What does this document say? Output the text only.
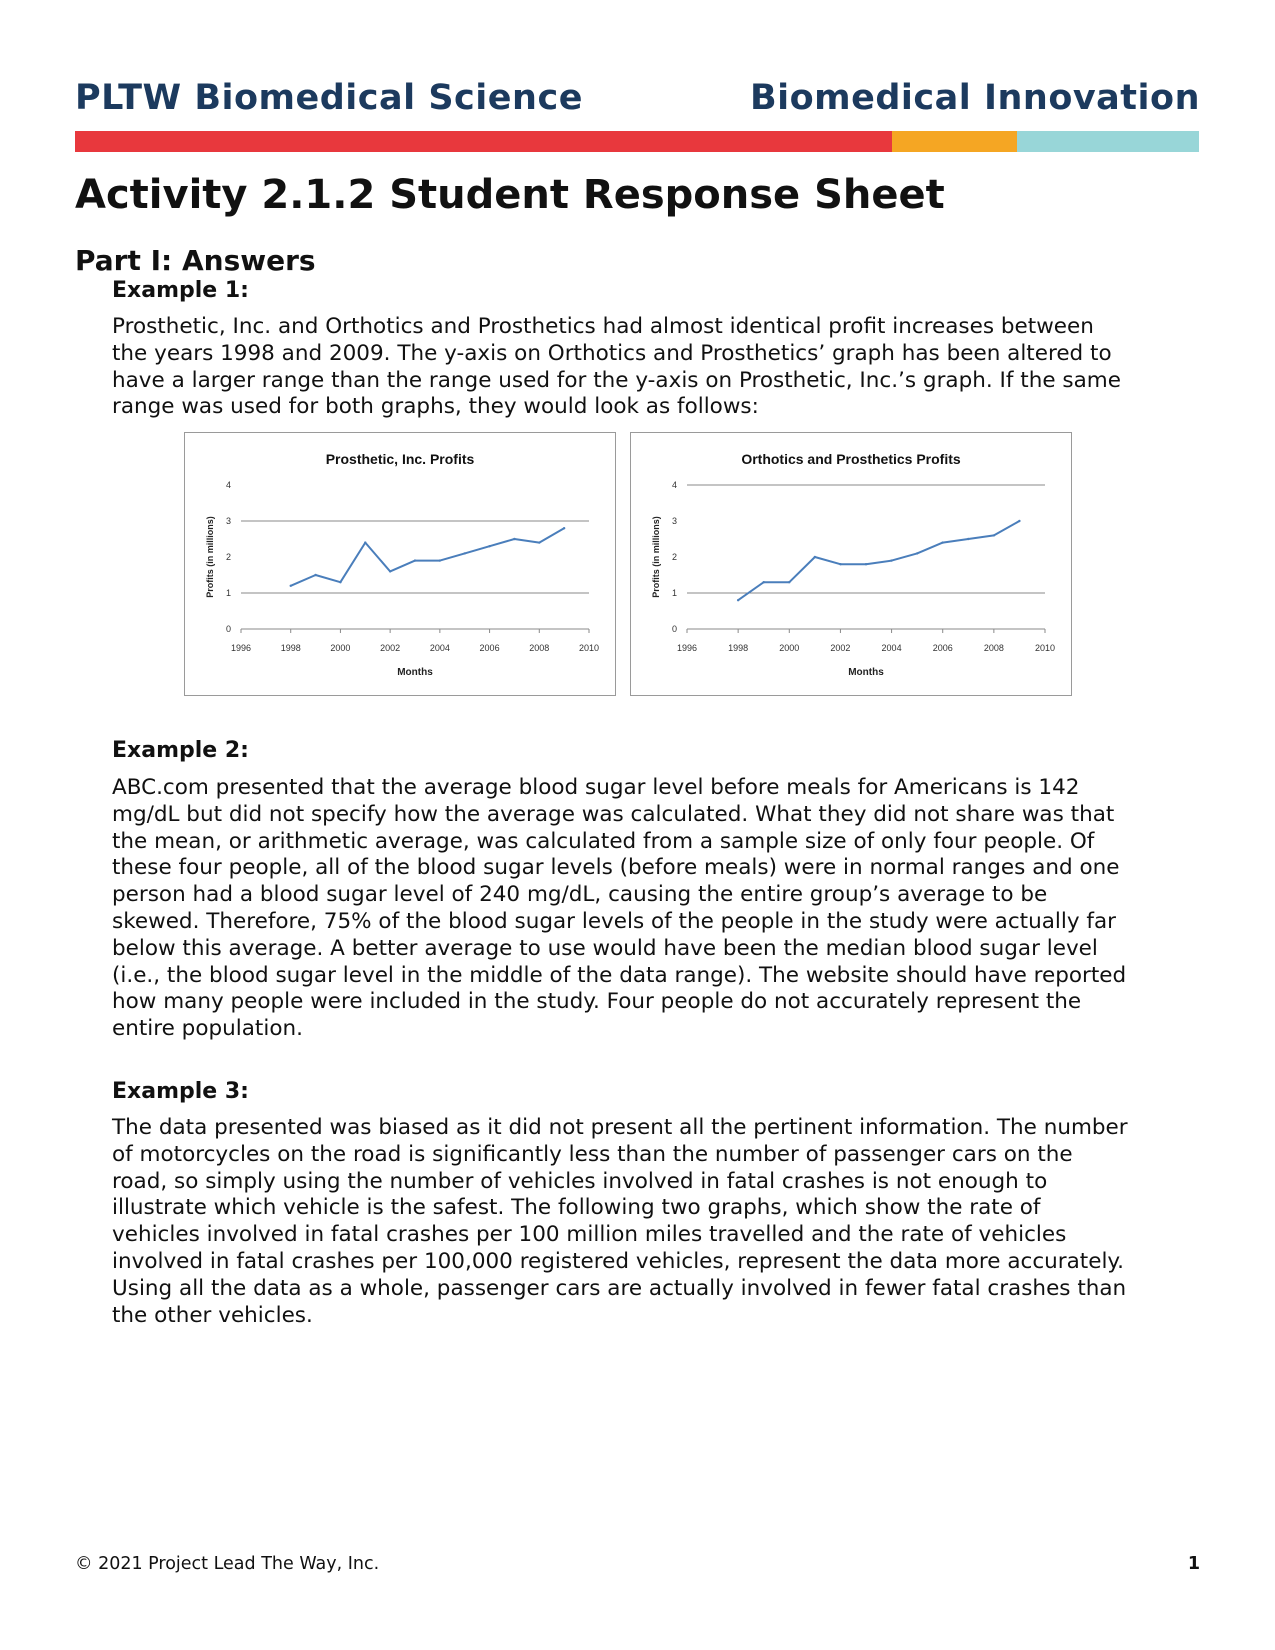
PLTW Biomedical Science	Biomedical Innovation
Activity 2.1.2 Student Response Sheet
Part I: Answers
Example 1:
Prosthetic, Inc. and Orthotics and Prosthetics had almost identical profit increases between
the years 1998 and 2009. The y-axis on Orthotics and Prosthetics’ graph has been altered to
have a larger range than the range used for the y-axis on Prosthetic, Inc.’s graph. If the same
range was used for both graphs, they would look as follows:
Prosthetic, Inc. Profits
0
1
2
3
4
1996	1998	2000	2002	2004	2006	2008	2010
Months
Profits (in millions)
Orthotics and Prosthetics Profits
0
1
2
3
4
1996	1998	2000	2002	2004	2006	2008	2010
Months
Profits (in millions)
Example 2:
ABC.com presented that the average blood sugar level before meals for Americans is 142
mg/dL but did not specify how the average was calculated. What they did not share was that
the mean, or arithmetic average, was calculated from a sample size of only four people. Of
these four people, all of the blood sugar levels (before meals) were in normal ranges and one
person had a blood sugar level of 240 mg/dL, causing the entire group’s average to be
skewed. Therefore, 75% of the blood sugar levels of the people in the study were actually far
below this average. A better average to use would have been the median blood sugar level
(i.e., the blood sugar level in the middle of the data range). The website should have reported
how many people were included in the study. Four people do not accurately represent the
entire population.
Example 3:
The data presented was biased as it did not present all the pertinent information. The number
of motorcycles on the road is significantly less than the number of passenger cars on the
road, so simply using the number of vehicles involved in fatal crashes is not enough to
illustrate which vehicle is the safest. The following two graphs, which show the rate of
vehicles involved in fatal crashes per 100 million miles travelled and the rate of vehicles
involved in fatal crashes per 100,000 registered vehicles, represent the data more accurately.
Using all the data as a whole, passenger cars are actually involved in fewer fatal crashes than
the other vehicles.
© 2021 Project Lead The Way, Inc.	1
